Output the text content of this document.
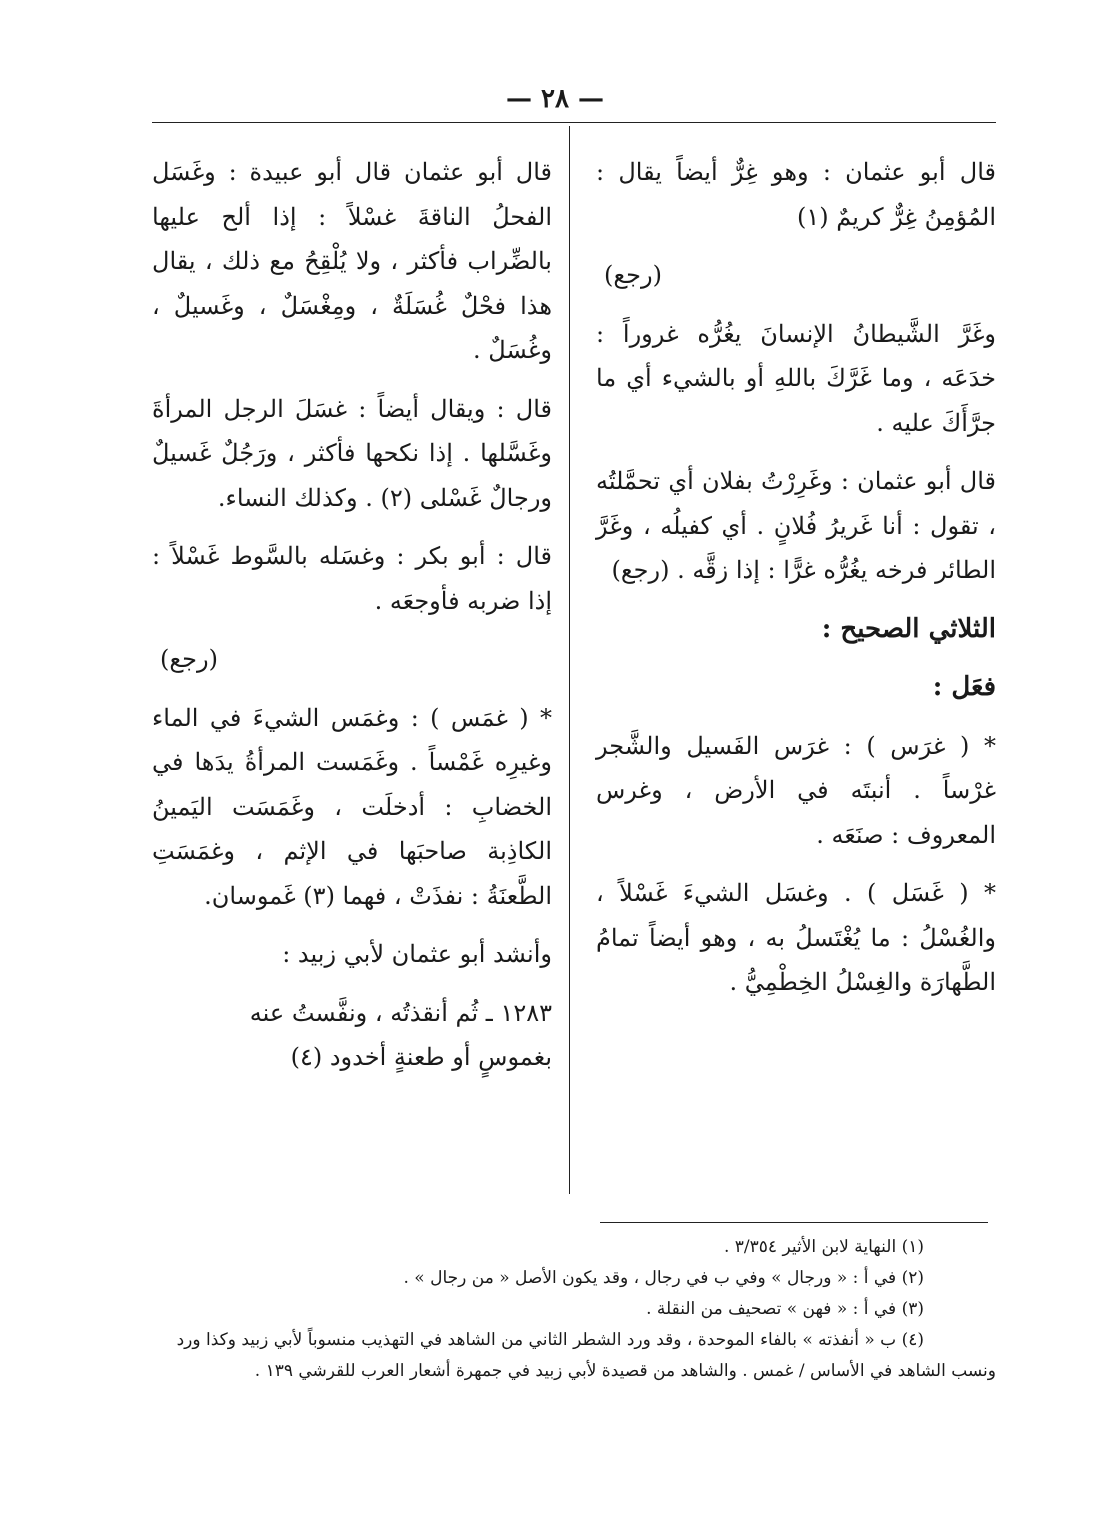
— ٢٨ —

قال أبو عثمان : وهو غِرٌّ أيضاً يقال : المُؤمِنُ غِرٌّ كريمٌ (١)

(رجع)

وغَرَّ الشَّيطانُ الإنسانَ يغُرُّه غروراً : خدَعَه ، وما غَرَّكَ باللهِ أو بالشيء أي ما جرَّأَكَ عليه .

قال أبو عثمان : وغَرِرْتُ بفلان أي تحمَّلتُه ، تقول : أنا غَريرُ فُلانٍ . أي كفيلُه ، وغَرَّ الطائر فرخه يغُرُّه غرًّا : إذا زقَّه . (رجع)

الثلاثي الصحيح :

فعَل :

* ( غرَس ) : غرَس الفَسيل والشَّجر غرْساً . أنبتَه في الأرض ، وغرس المعروف : صنَعَه .

* ( غَسَل ) . وغسَل الشيءَ غَسْلاً ، والغُسْلُ : ما يُغْتَسلُ به ، وهو أيضاً تمامُ الطَّهارَة والغِسْلُ الخِطْمِيُّ .

قال أبو عثمان قال أبو عبيدة : وغَسَل الفحلُ الناقةَ غسْلاً : إذا ألح عليها بالضِّراب فأكثر ، ولا يُلْقِحُ مع ذلك ، يقال هذا فحْلٌ غُسَلَةٌ ، ومِغْسَلٌ ، وغَسيلٌ ، وغُسَلٌ .

قال : ويقال أيضاً : غسَلَ الرجل المرأةَ وغَسَّلها . إذا نكحها فأكثر ، ورَجُلٌ غَسيلٌ ورجالٌ غَسْلى (٢) . وكذلك النساء.

قال : أبو بكر : وغسَله بالسَّوط غَسْلاً : إذا ضربه فأوجعَه .

(رجع)

* ( غمَس ) : وغمَس الشيءَ في الماء وغيرِه غَمْساً . وغَمَست المرأةُ يدَها في الخضابِ : أدخلَت ، وغَمَسَت اليَمينُ الكاذِبة صاحبَها في الإثم ، وغمَسَتِ الطَّعنَةُ : نفذَتْ ، فهما (٣) غَموسان.

وأنشد أبو عثمان لأبي زبيد :

١٢٨٣ ـ ثُم أنقذتُه ، ونفَّستُ عنه

بغموسٍ أو طعنةٍ أخدود (٤)

(١) النهاية لابن الأثير ٣/٣٥٤ .

(٢) في أ : « ورجال » وفي ب في رجال ، وقد يكون الأصل « من رجال » .

(٣) في أ : « فهن » تصحيف من النقلة .

(٤) ب « أنفذته » بالفاء الموحدة ، وقد ورد الشطر الثاني من الشاهد في التهذيب منسوباً لأبي زبيد وكذا ورد

ونسب الشاهد في الأساس / غمس . والشاهد من قصيدة لأبي زبيد في جمهرة أشعار العرب للقرشي ١٣٩ .
